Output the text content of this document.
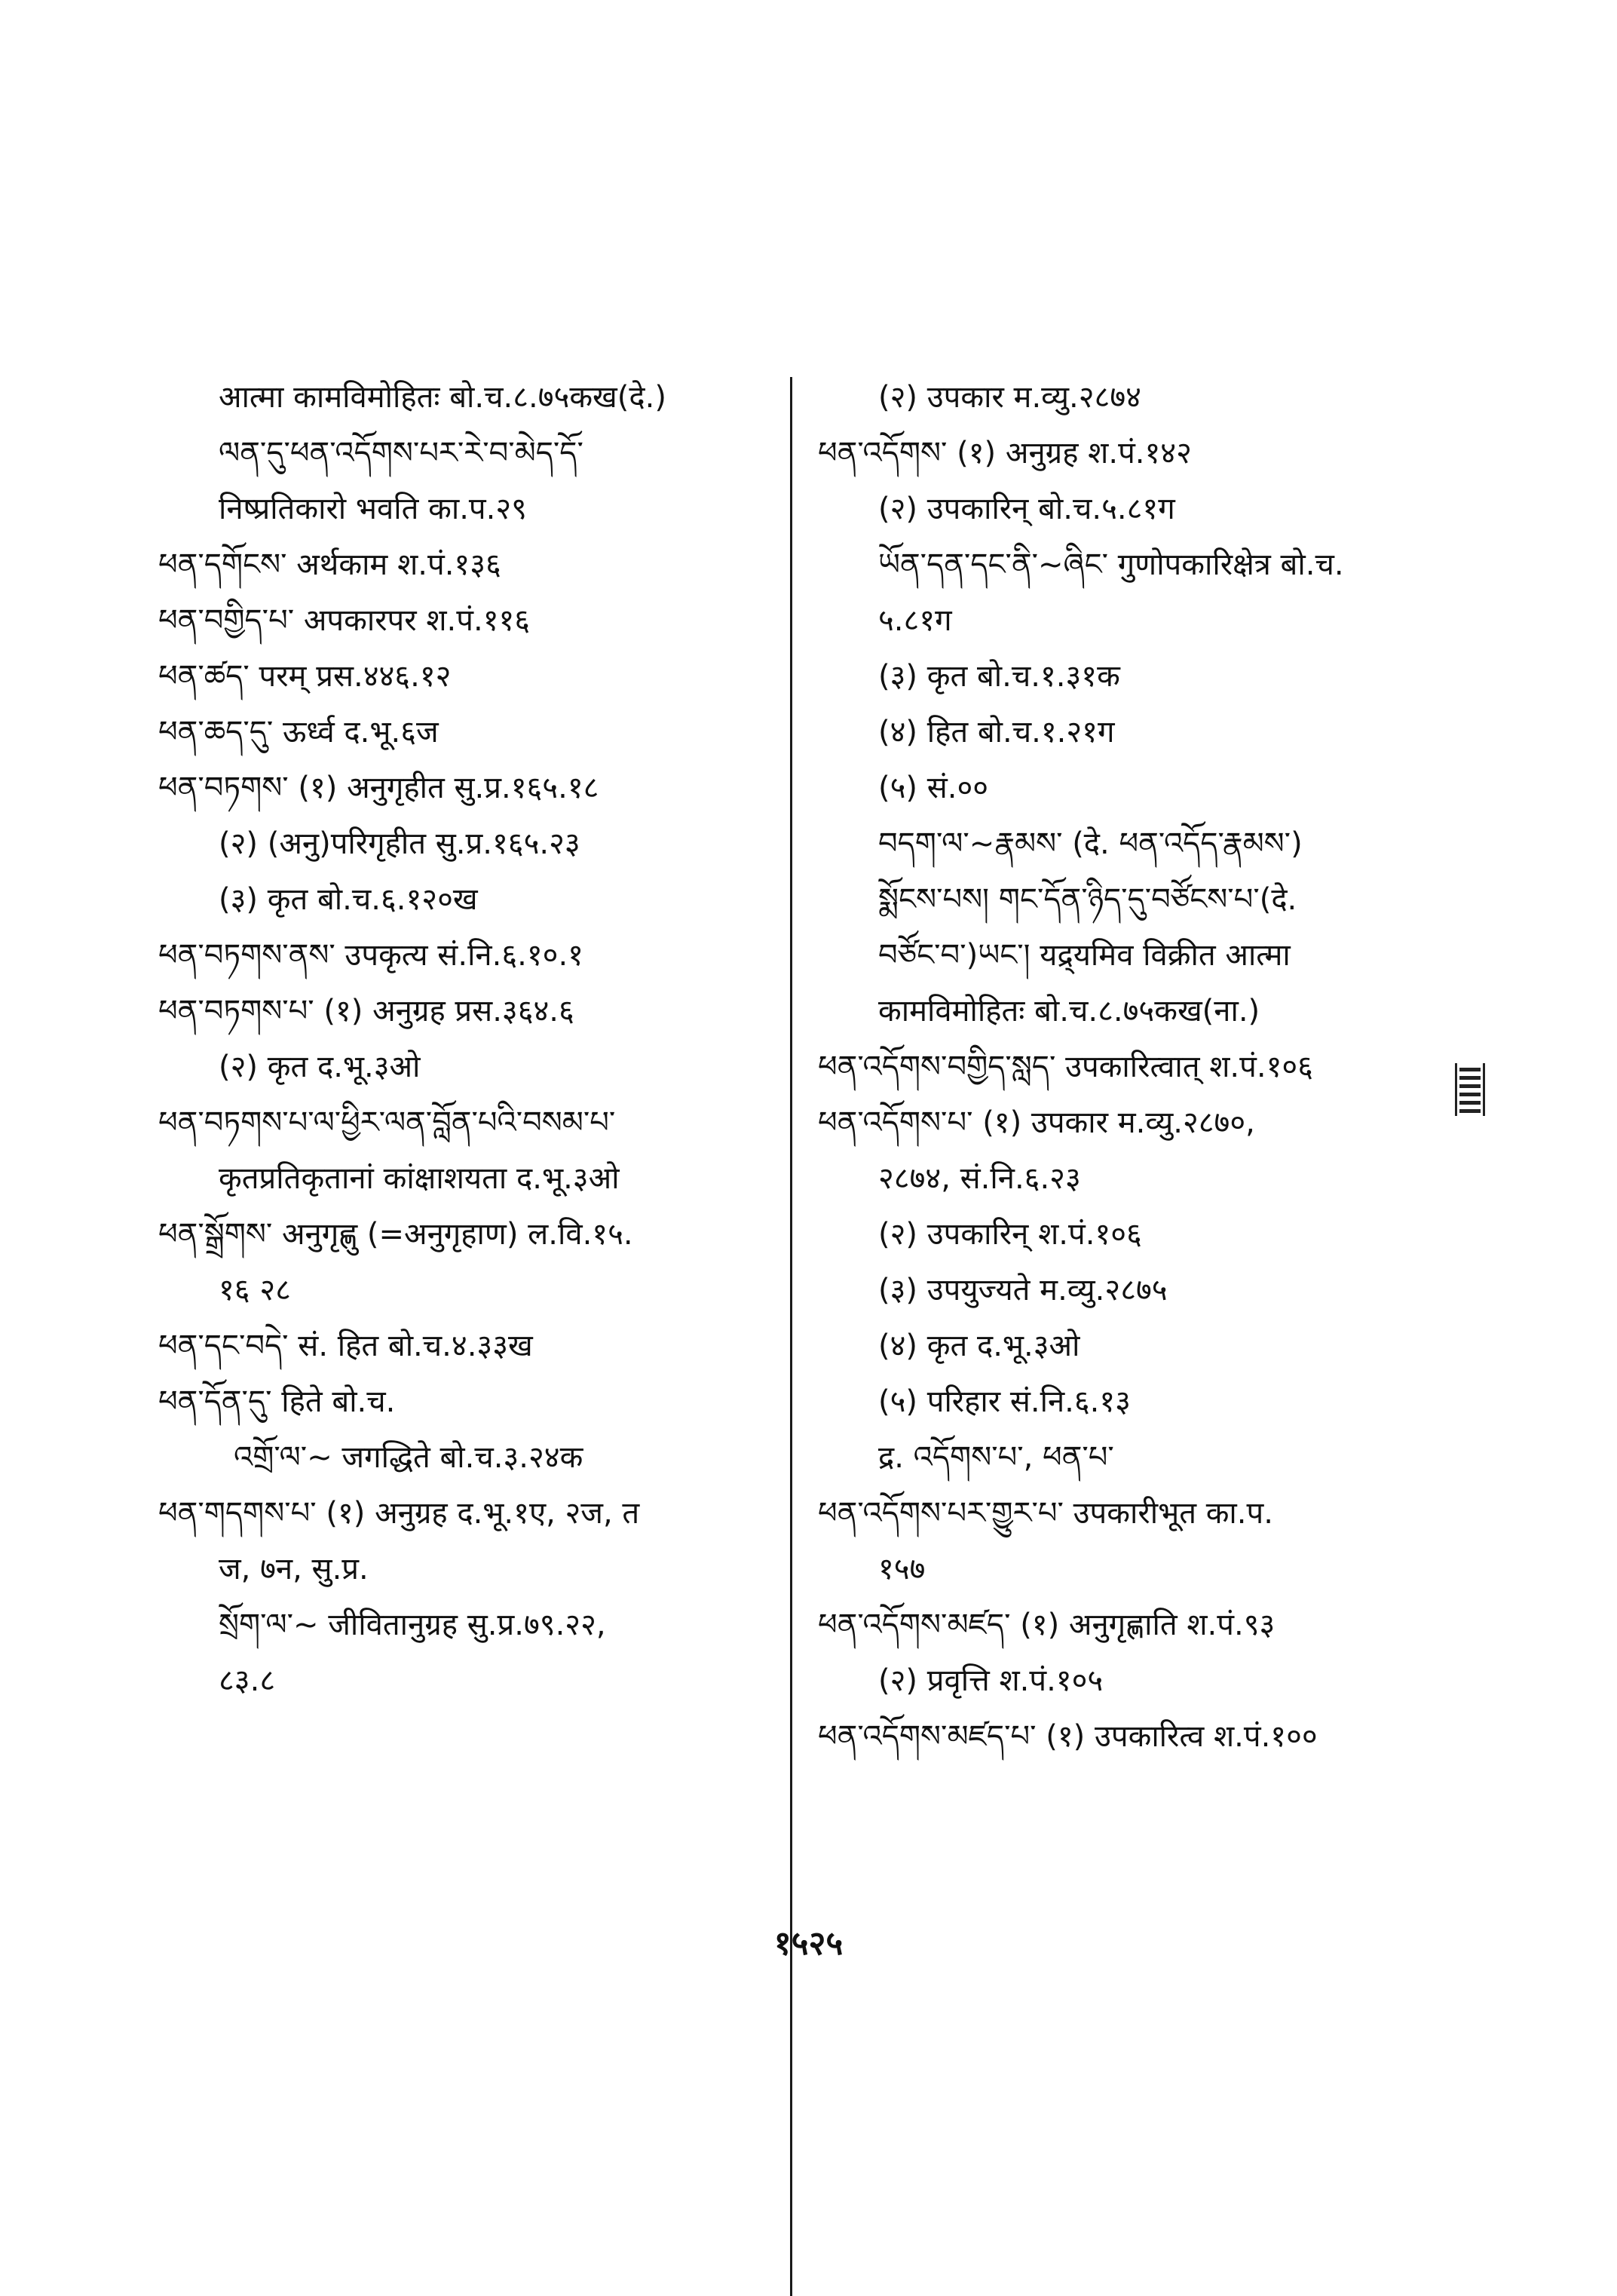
आत्मा कामविमोहितः बो.च.८.७५कख(दे.)
ལན་དུ་ཕན་འདོགས་པར་རེ་བ་མེད་དོ་
निष्प्रतिकारो भवति का.प.२९
ཕན་དགོངས་ अर्थकाम श.पं.१३६
ཕན་བགྱིད་པ་ अपकारपर श.पं.११६
ཕན་ཚད་ परम् प्रस.४४६.१२
ཕན་ཆད་དུ་ ऊर्ध्व द.भू.६ज
ཕན་བཏགས་ (१) अनुगृहीत सु.प्र.१६५.१८
(२) (अनु)परिगृहीत सु.प्र.१६५.२३
(३) कृत बो.च.६.१२०ख
ཕན་བཏགས་ནས་ उपकृत्य सं.नि.६.१०.१
ཕན་བཏགས་པ་ (१) अनुग्रह प्रस.३६४.६
(२) कृत द.भू.३ओ
ཕན་བཏགས་པ་ལ་ཕྱིར་ལན་བློན་པའི་བསམ་པ་
कृतप्रतिकृतानां कांक्षाशयता द.भू.३ओ
ཕན་སྒྲོགས་ अनुगृह्णु (=अनुगृहाण) ल.वि.१५.
१६ २८
ཕན་དང་བདེ་ सं. हित बो.च.४.३३ख
ཕན་དོན་དུ་ हिते बो.च.
འགྲོ་ལ་~ जगद्धिते बो.च.३.२४क
ཕན་གདགས་པ་ (१) अनुग्रह द.भू.१ए, २ज, त
ज, ७न, सु.प्र.
སྲོག་ལ་~ जीवितानुग्रह सु.प्र.७९.२२,
८३.८
(२) उपकार म.व्यु.२८७४
ཕན་འདོགས་ (१) अनुग्रह श.पं.१४२
(२) उपकारिन् बो.च.५.८१ग
ཡོན་དན་དང་ནི་~ཞིང་ गुणोपकारिक्षेत्र बो.च.
५.८१ग
(३) कृत बो.च.१.३१क
(४) हित बो.च.१.२१ग
(५) सं.००
བདག་ལ་~རྣམས་ (दे. ཕན་འདོད་རྣམས་)
སྨོངས་པས། གང་དོན་ཉིད་དུ་བཙོངས་པ་(दे.
བཙོང་བ་)ཡང་། यद्र्यमिव विक्रीत आत्मा
कामविमोहितः बो.च.८.७५कख(ना.)
ཕན་འདོགས་བགྱིད་སླད་ उपकारित्वात् श.पं.१०६
ཕན་འདོགས་པ་ (१) उपकार म.व्यु.२८७०,
२८७४, सं.नि.६.२३
(२) उपकारिन् श.पं.१०६
(३) उपयुज्यते म.व्यु.२८७५
(४) कृत द.भू.३ओ
(५) परिहार सं.नि.६.१३
द्र. འདོགས་པ་, ཕན་པ་
ཕན་འདོགས་པར་གྱུར་པ་ उपकारीभूत का.प.
१५७
ཕན་འདོགས་མཛད་ (१) अनुगृह्णाति श.पं.९३
(२) प्रवृत्ति श.पं.१०५
ཕན་འདོགས་མཛད་པ་ (१) उपकारित्व श.पं.१००
१५२५
